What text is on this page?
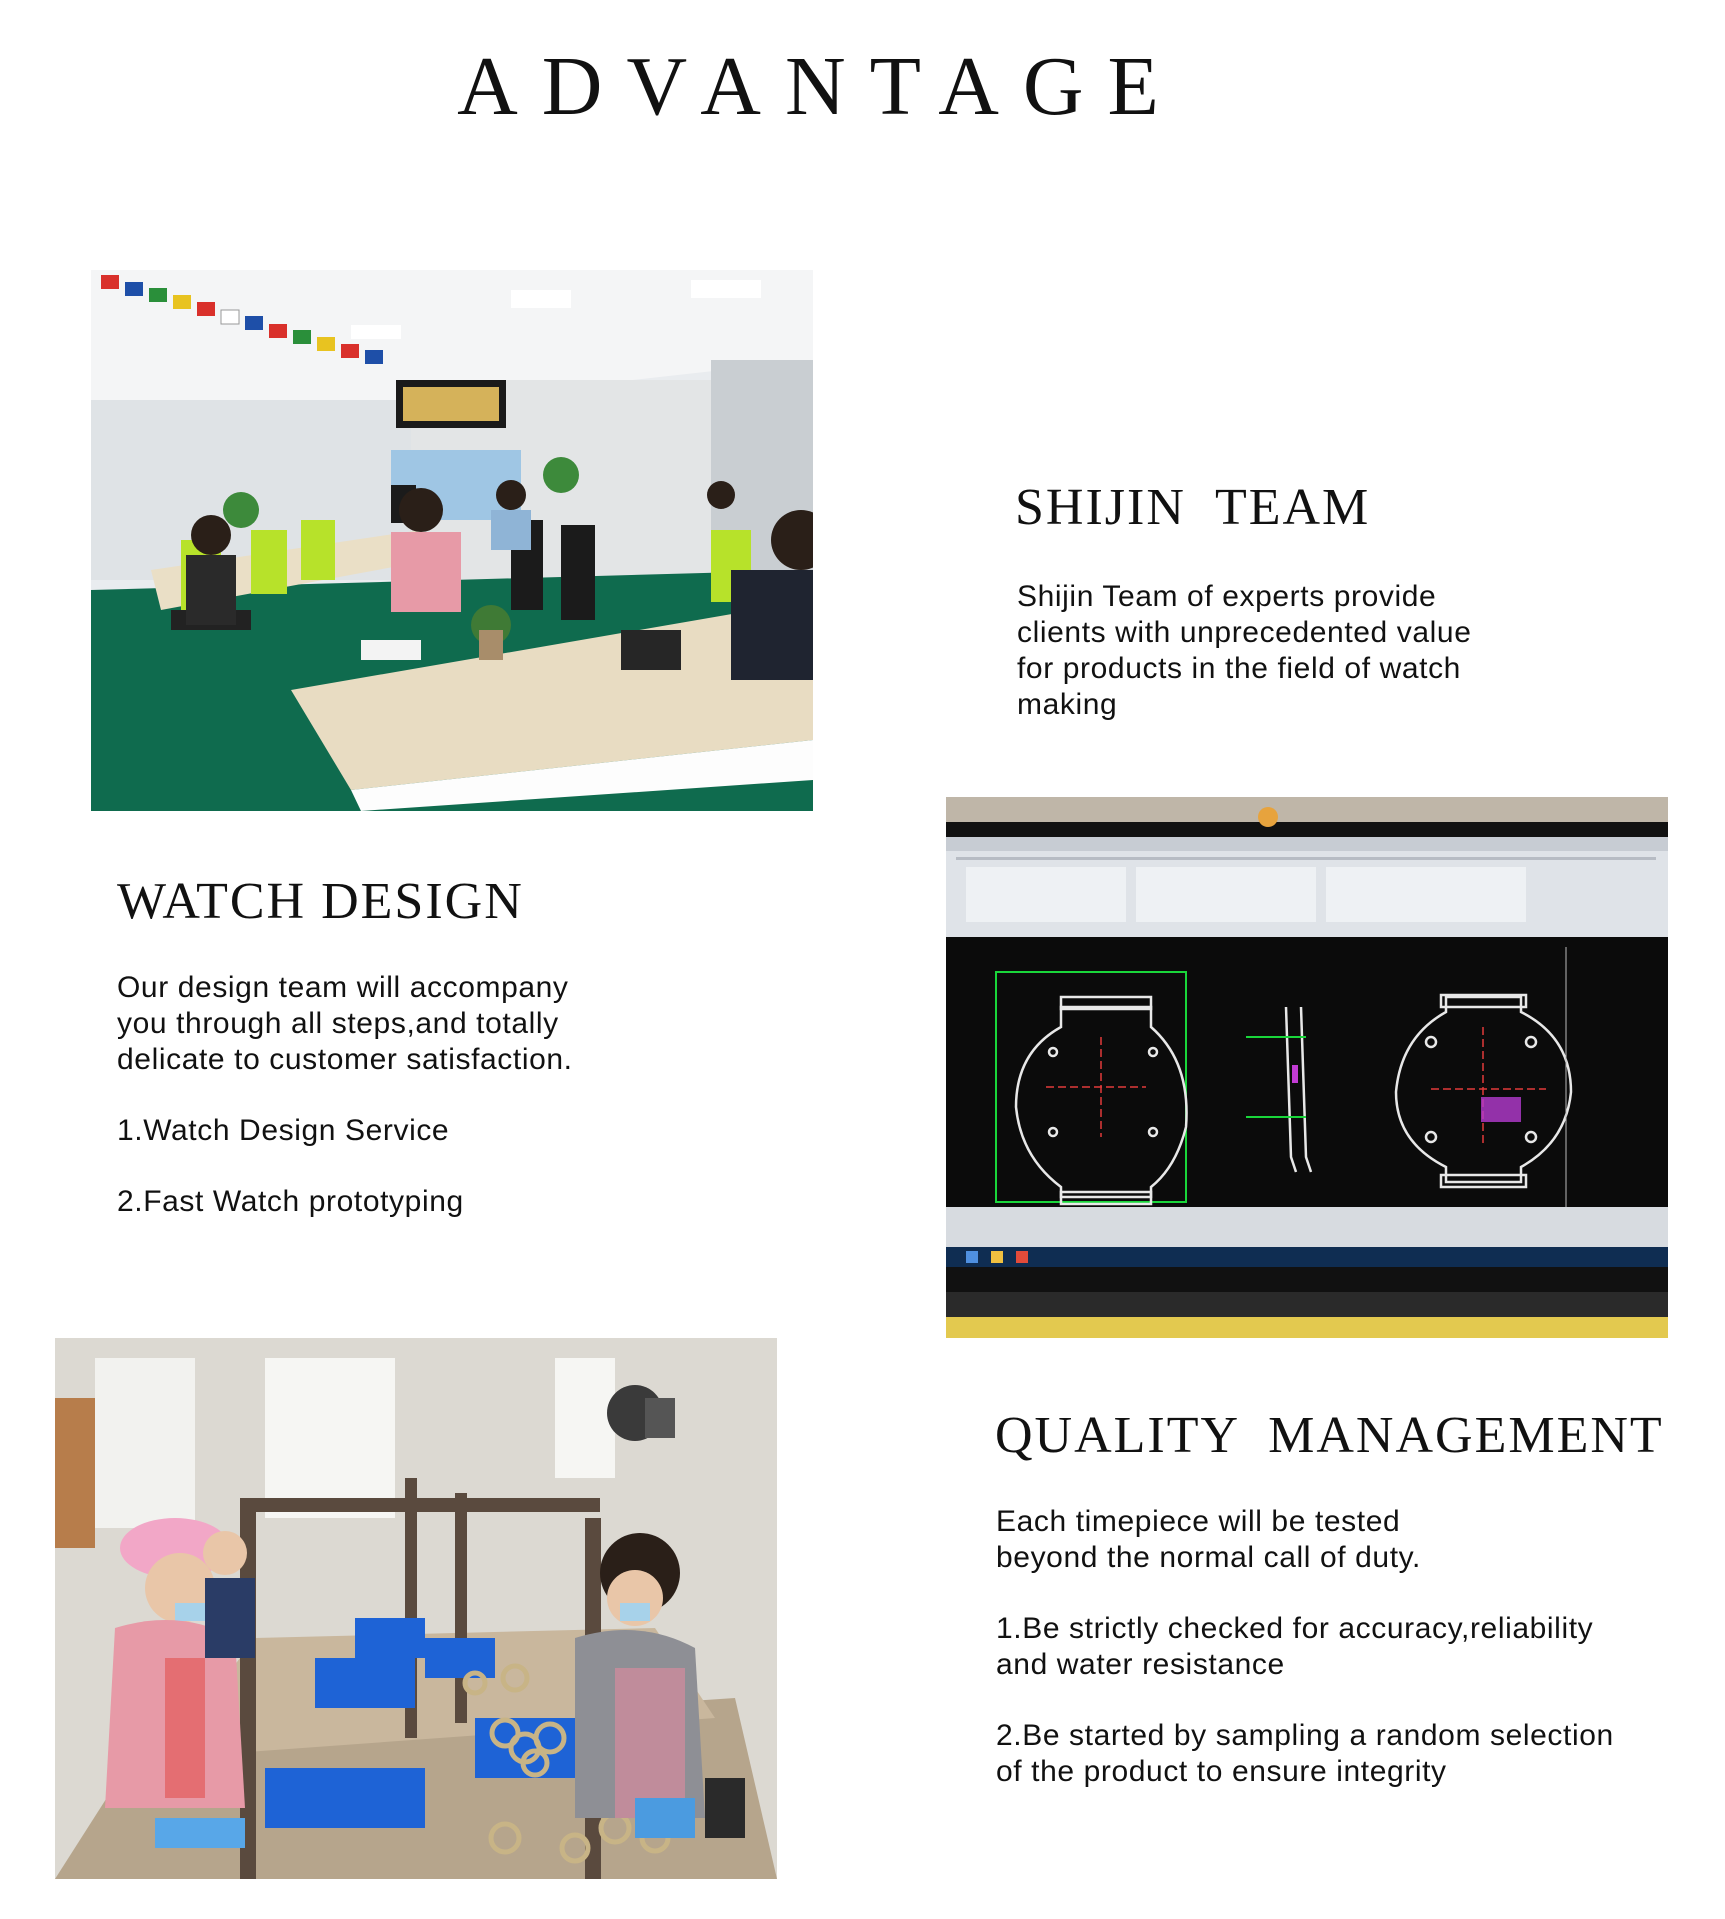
ADVANTAGE
SHIJIN  TEAM
Shijin Team of experts provide
clients with unprecedented value
for products in the field of watch
making
WATCH DESIGN
Our design team will accompany
you through all steps,and totally
delicate to customer satisfaction.
1.Watch Design Service
2.Fast Watch prototyping
QUALITY  MANAGEMENT
Each timepiece will be tested
beyond the normal call of duty.
1.Be strictly checked for accuracy,reliability
and water resistance
2.Be started by sampling a random selection
of the product to ensure integrity
